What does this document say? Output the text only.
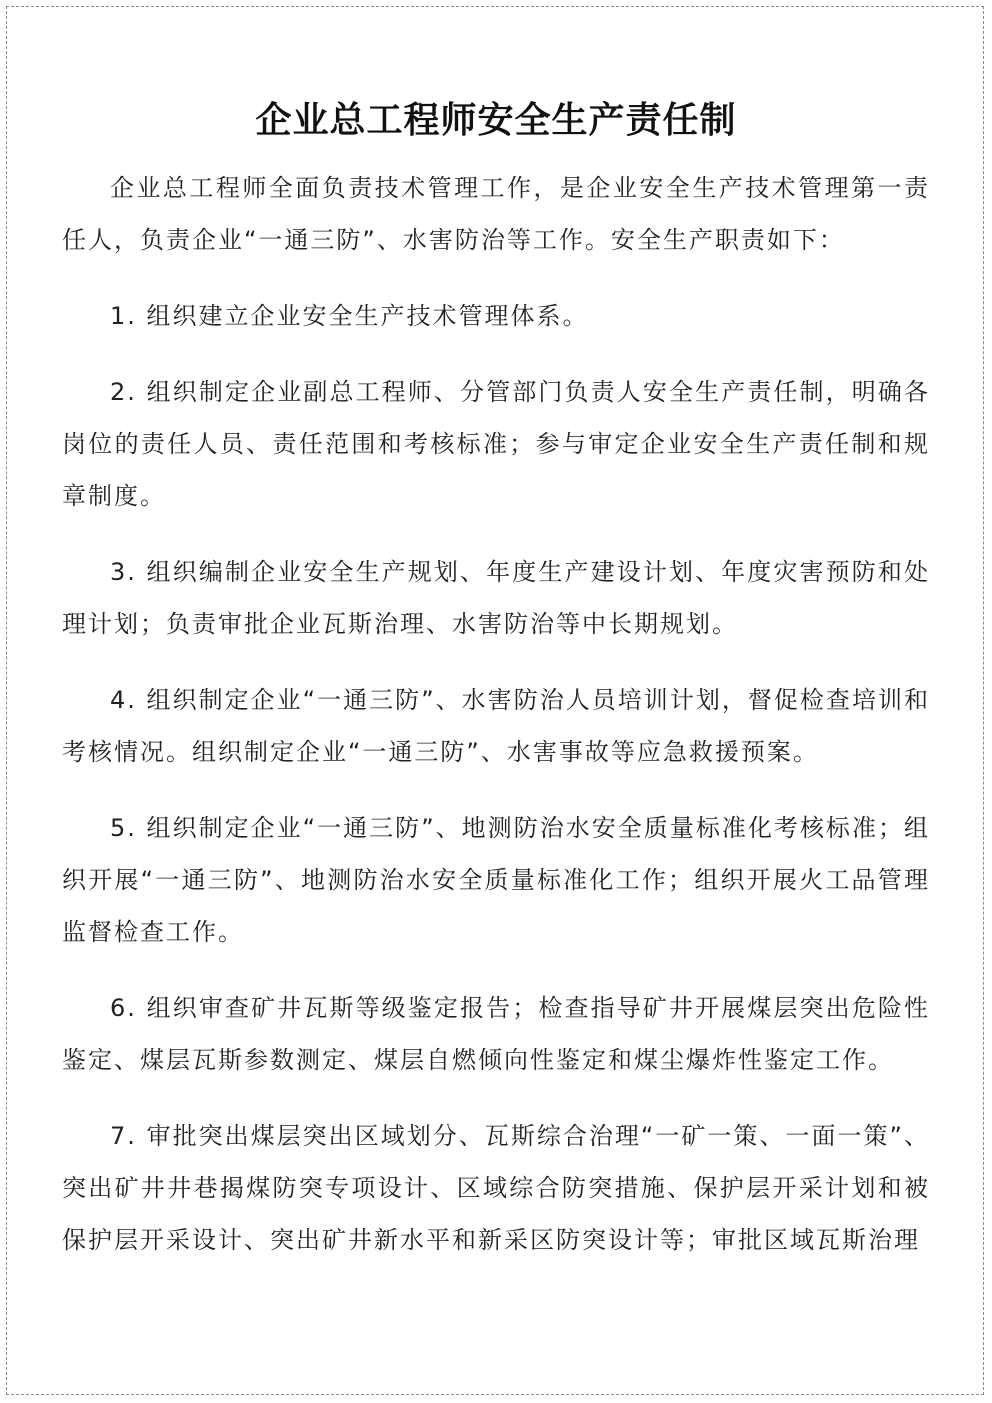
企业总工程师安全生产责任制

企业总工程师全面负责技术管理工作，是企业安全生产技术管理第一责任人，负责企业“一通三防”、水害防治等工作。安全生产职责如下：

1. 组织建立企业安全生产技术管理体系。

2. 组织制定企业副总工程师、分管部门负责人安全生产责任制，明确各岗位的责任人员、责任范围和考核标准；参与审定企业安全生产责任制和规章制度。

3. 组织编制企业安全生产规划、年度生产建设计划、年度灾害预防和处理计划；负责审批企业瓦斯治理、水害防治等中长期规划。

4. 组织制定企业“一通三防”、水害防治人员培训计划，督促检查培训和考核情况。组织制定企业“一通三防”、水害事故等应急救援预案。

5. 组织制定企业“一通三防”、地测防治水安全质量标准化考核标准；组织开展“一通三防”、地测防治水安全质量标准化工作；组织开展火工品管理监督检查工作。

6. 组织审查矿井瓦斯等级鉴定报告；检查指导矿井开展煤层突出危险性鉴定、煤层瓦斯参数测定、煤层自燃倾向性鉴定和煤尘爆炸性鉴定工作。

7. 审批突出煤层突出区域划分、瓦斯综合治理“一矿一策、一面一策”、突出矿井井巷揭煤防突专项设计、区域综合防突措施、保护层开采计划和被保护层开采设计、突出矿井新水平和新采区防突设计等；审批区域瓦斯治理
